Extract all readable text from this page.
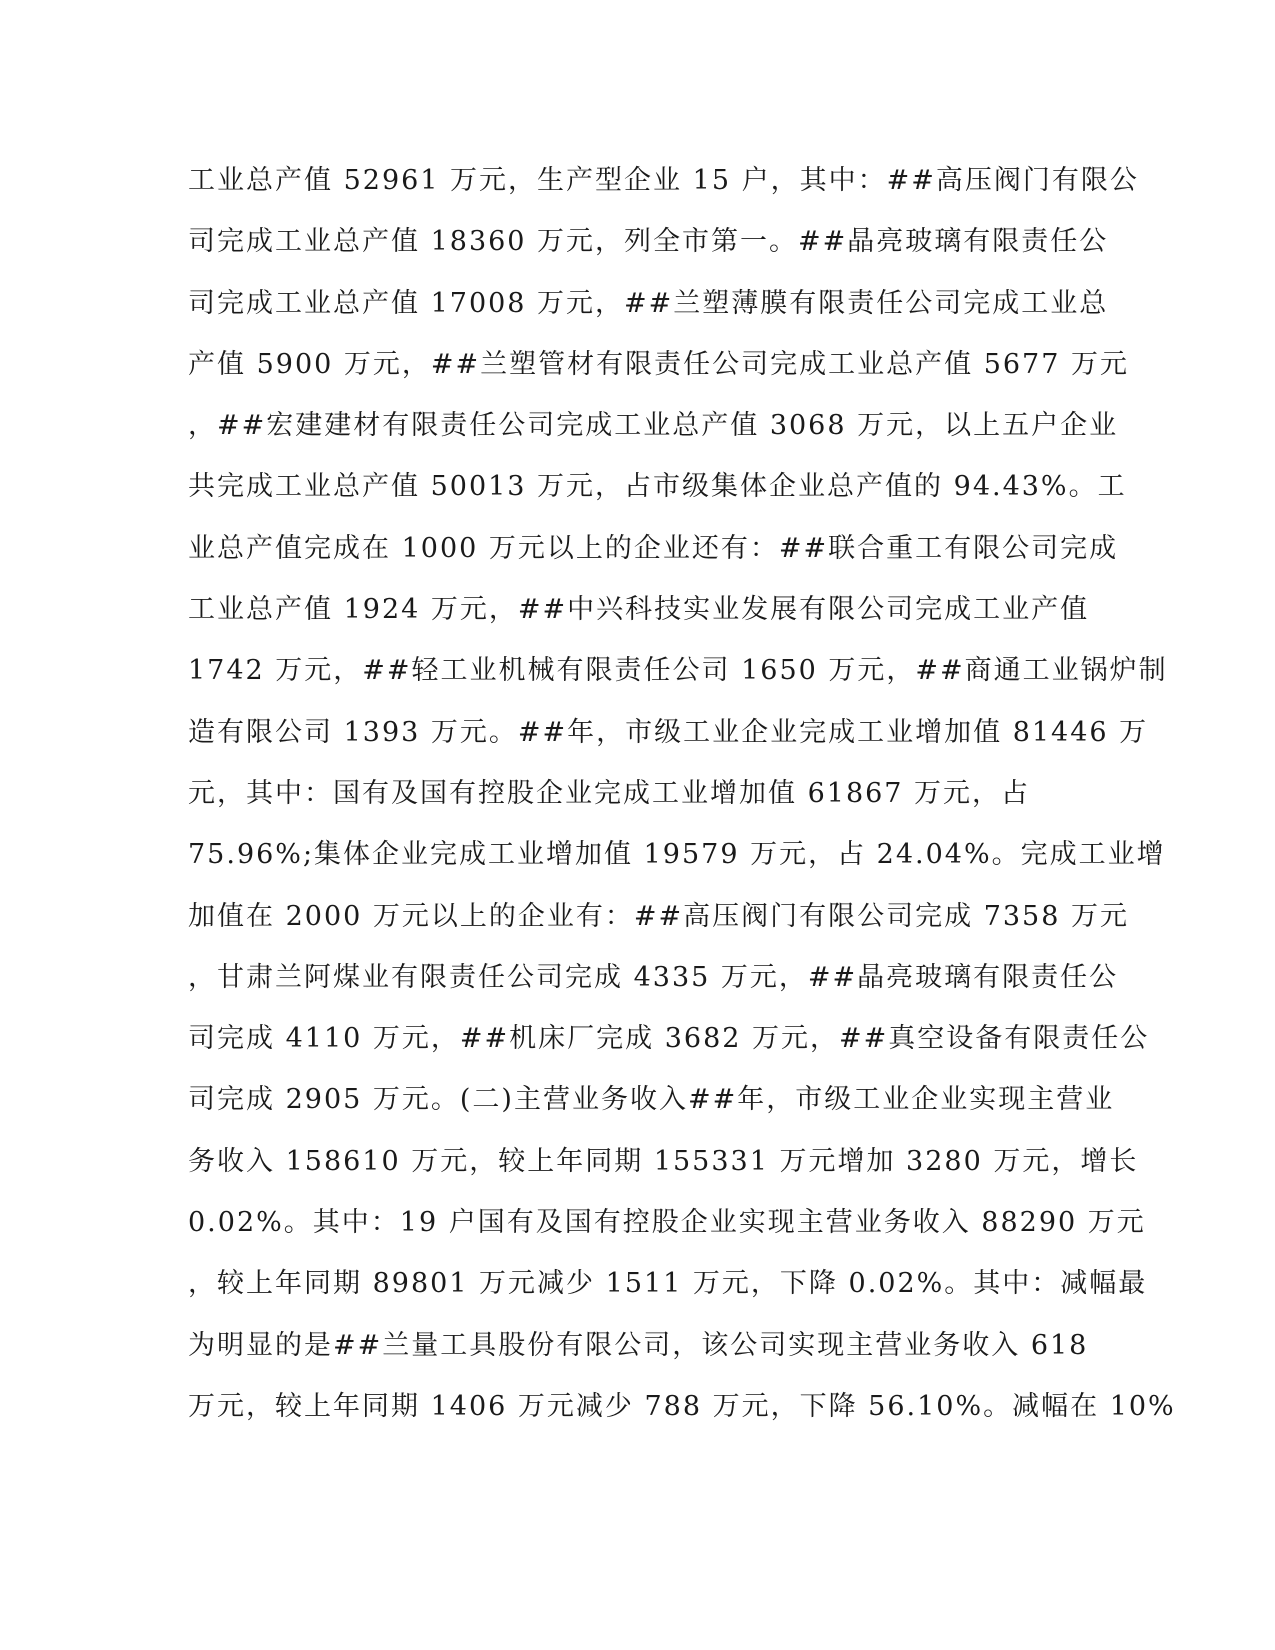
工业总产值 52961 万元，生产型企业 15 户，其中：##高压阀门有限公
司完成工业总产值 18360 万元，列全市第一。##晶亮玻璃有限责任公
司完成工业总产值 17008 万元，##兰塑薄膜有限责任公司完成工业总
产值 5900 万元，##兰塑管材有限责任公司完成工业总产值 5677 万元
，##宏建建材有限责任公司完成工业总产值 3068 万元，以上五户企业
共完成工业总产值 50013 万元，占市级集体企业总产值的 94.43%。工
业总产值完成在 1000 万元以上的企业还有：##联合重工有限公司完成
工业总产值 1924 万元，##中兴科技实业发展有限公司完成工业产值
1742 万元，##轻工业机械有限责任公司 1650 万元，##商通工业锅炉制
造有限公司 1393 万元。##年，市级工业企业完成工业增加值 81446 万
元，其中：国有及国有控股企业完成工业增加值 61867 万元，占
75.96%;集体企业完成工业增加值 19579 万元，占 24.04%。完成工业增
加值在 2000 万元以上的企业有：##高压阀门有限公司完成 7358 万元
，甘肃兰阿煤业有限责任公司完成 4335 万元，##晶亮玻璃有限责任公
司完成 4110 万元，##机床厂完成 3682 万元，##真空设备有限责任公
司完成 2905 万元。(二)主营业务收入##年，市级工业企业实现主营业
务收入 158610 万元，较上年同期 155331 万元增加 3280 万元，增长
0.02%。其中：19 户国有及国有控股企业实现主营业务收入 88290 万元
，较上年同期 89801 万元减少 1511 万元，下降 0.02%。其中：减幅最
为明显的是##兰量工具股份有限公司，该公司实现主营业务收入 618
万元，较上年同期 1406 万元减少 788 万元，下降 56.10%。减幅在 10%
